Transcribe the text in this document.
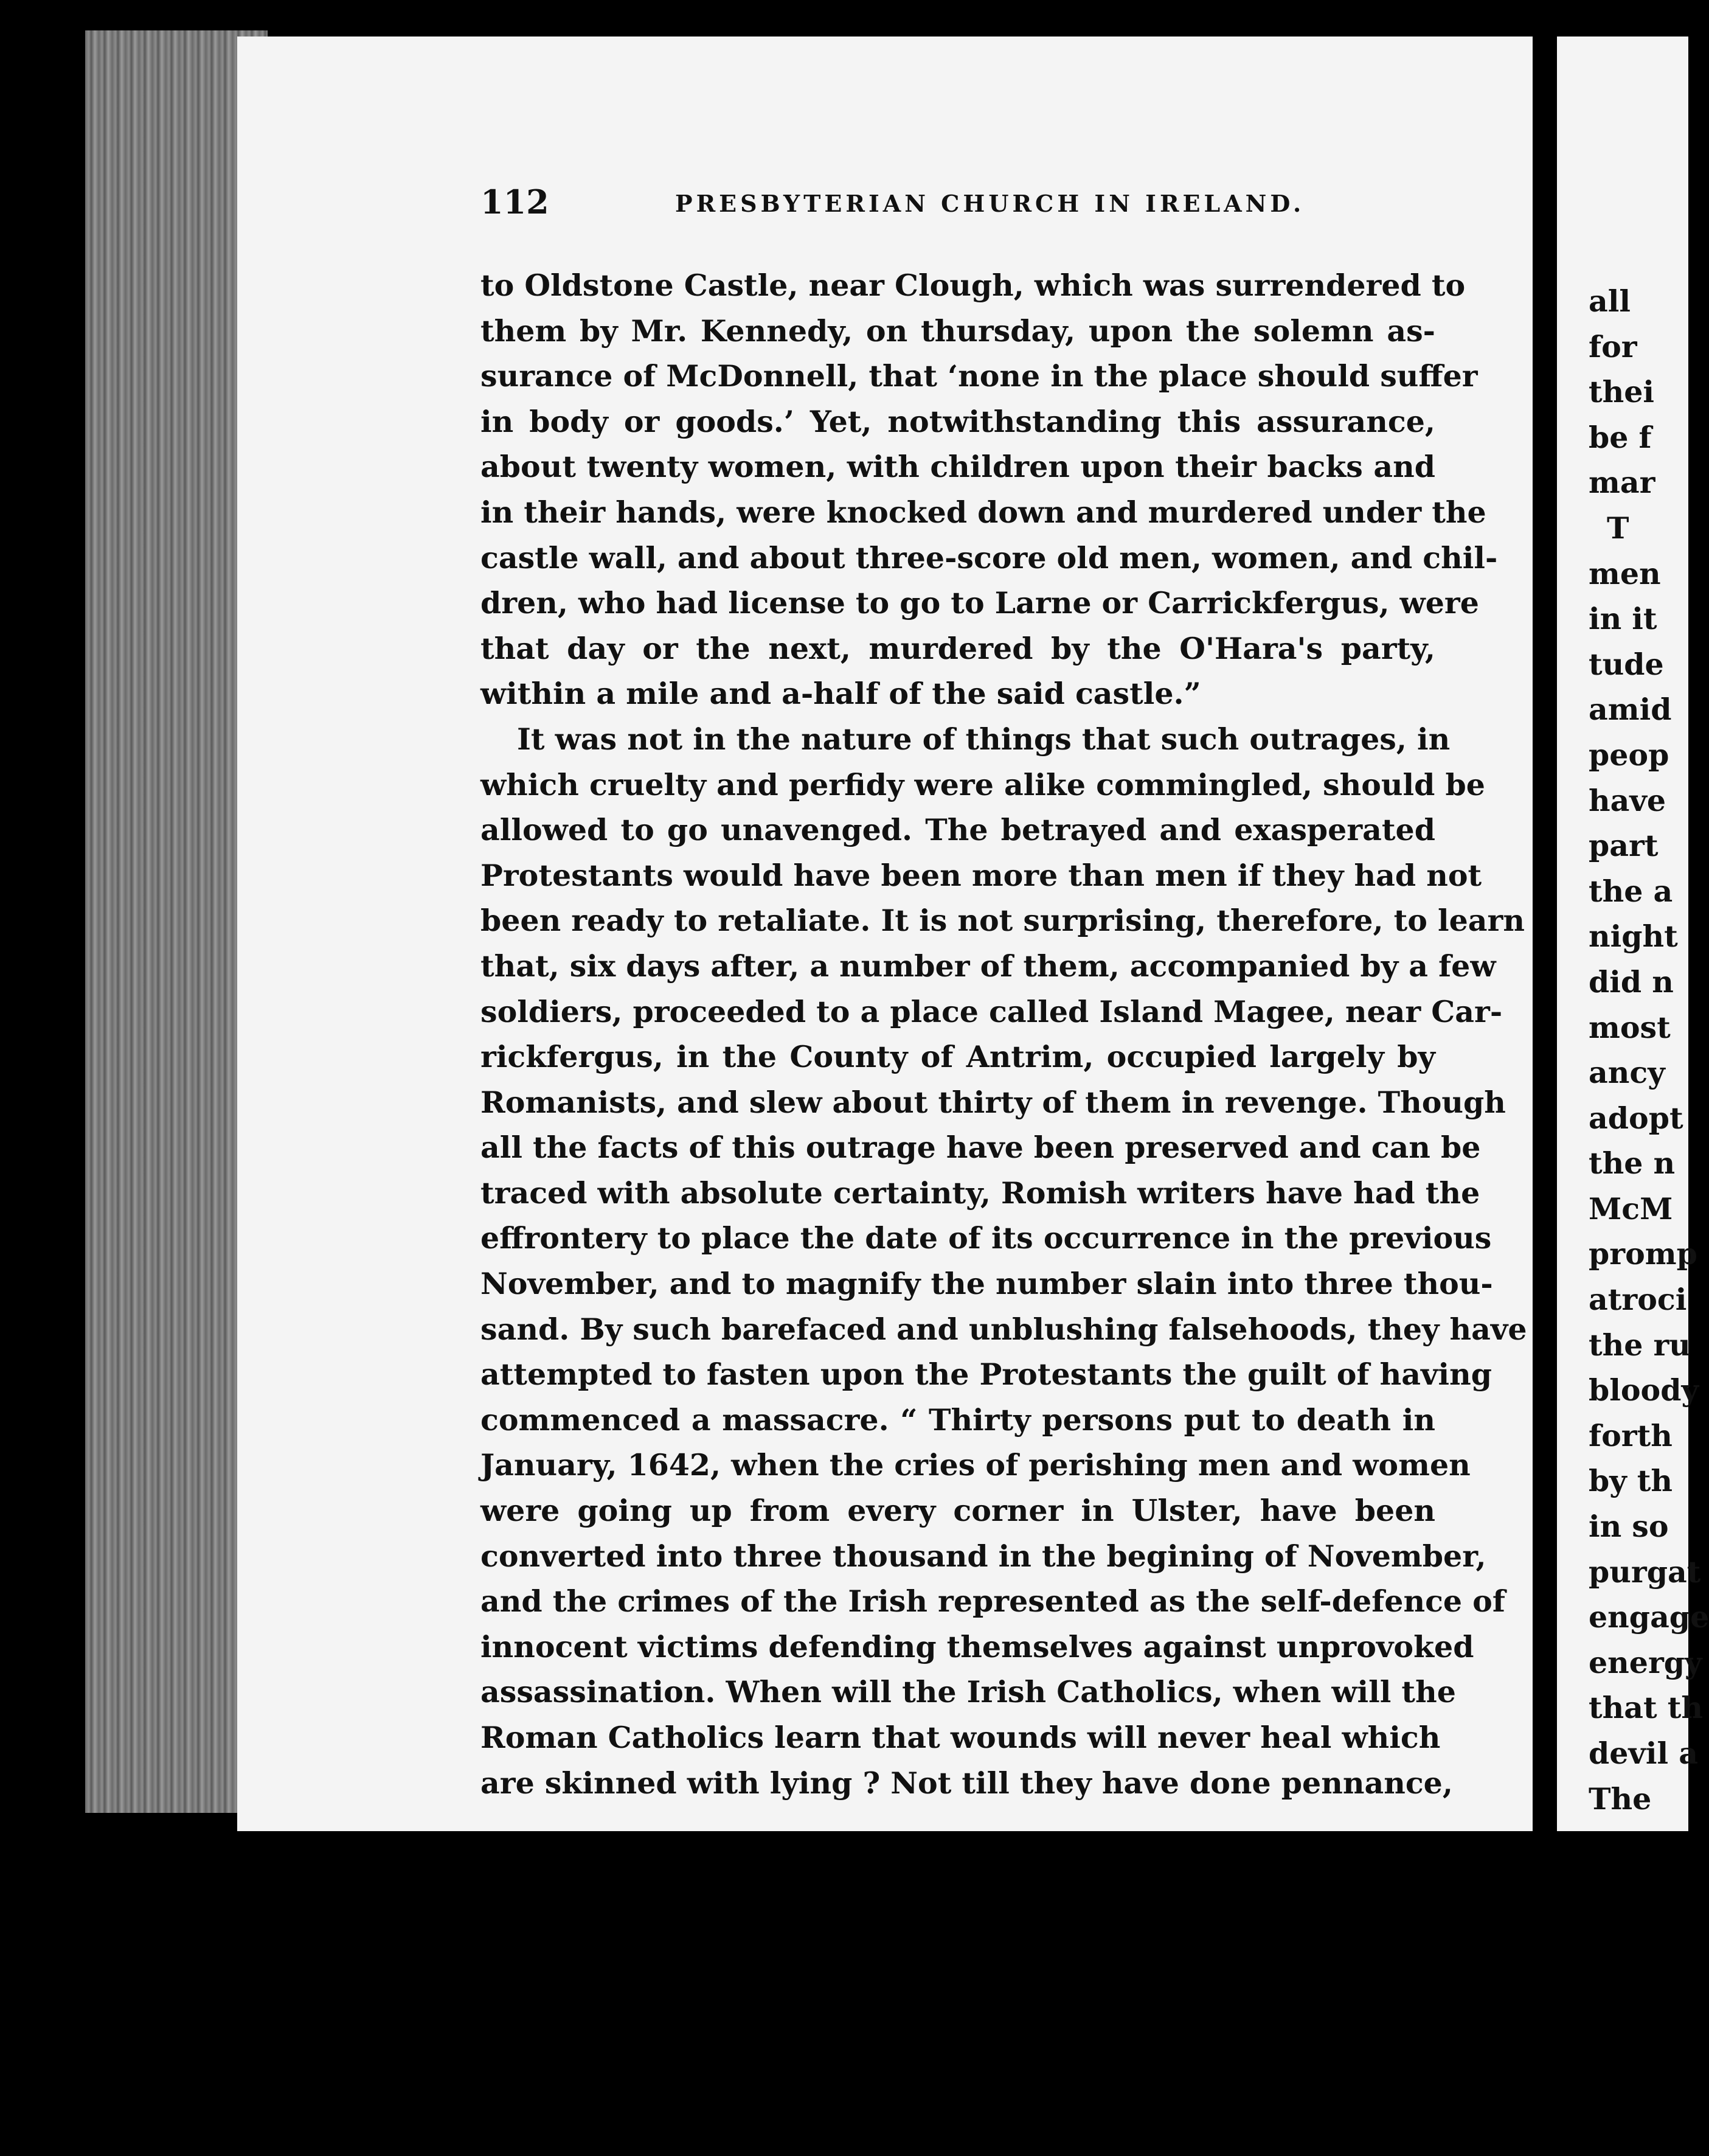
112	PRESBYTERIAN CHURCH IN IRELAND.
to Oldstone Castle, near Clough, which was surrendered to
them by Mr. Kennedy, on thursday, upon the solemn as-
surance of McDonnell, that ‘none in the place should suffer
in body or goods.’ Yet, notwithstanding this assurance,
about twenty women, with children upon their backs and
in their hands, were knocked down and murdered under the
castle wall, and about three-score old men, women, and chil-
dren, who had license to go to Larne or Carrickfergus, were
that day or the next, murdered by the O'Hara's party,
within a mile and a-half of the said castle.”
It was not in the nature of things that such outrages, in
which cruelty and perfidy were alike commingled, should be
allowed to go unavenged. The betrayed and exasperated
Protestants would have been more than men if they had not
been ready to retaliate. It is not surprising, therefore, to learn
that, six days after, a number of them, accompanied by a few
soldiers, proceeded to a place called Island Magee, near Car-
rickfergus, in the County of Antrim, occupied largely by
Romanists, and slew about thirty of them in revenge. Though
all the facts of this outrage have been preserved and can be
traced with absolute certainty, Romish writers have had the
effrontery to place the date of its occurrence in the previous
November, and to magnify the number slain into three thou-
sand. By such barefaced and unblushing falsehoods, they have
attempted to fasten upon the Protestants the guilt of having
commenced a massacre. “ Thirty persons put to death in
January, 1642, when the cries of perishing men and women
were going up from every corner in Ulster, have been
converted into three thousand in the begining of November,
and the crimes of the Irish represented as the self-defence of
innocent victims defending themselves against unprovoked
assassination. When will the Irish Catholics, when will the
Roman Catholics learn that wounds will never heal which
are skinned with lying ? Not till they have done pennance,
all
for
thei
be f
mar
T
men
in it
tude
amid
peop
have
part
the a
night
did n
most
ancy
adopt
the n
McM
promp
atroci
the ru
bloody
forth
by th
in so
purgat
engage
energy
that th
devil a
The
